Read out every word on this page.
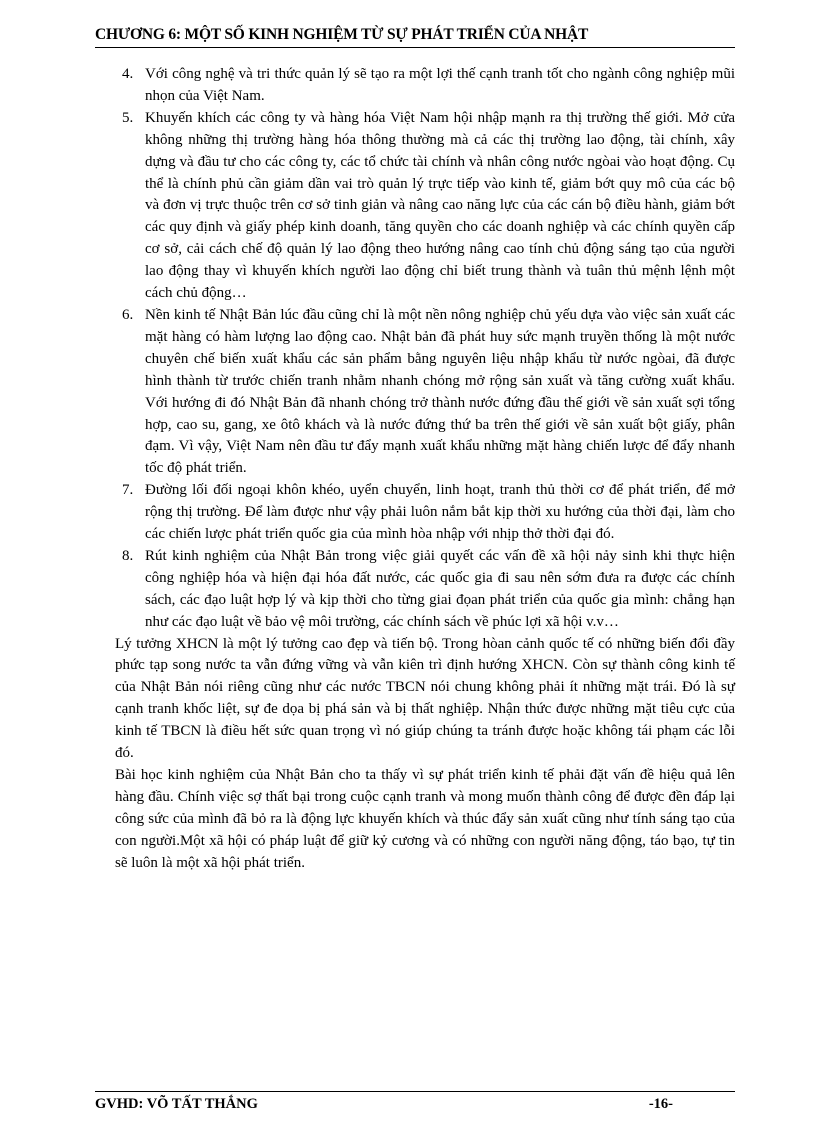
CHƯƠNG 6: MỘT SỐ KINH NGHIỆM TỪ SỰ PHÁT TRIỂN CỦA NHẬT
4. Với công nghệ và tri thức quản lý sẽ tạo ra một lợi thế cạnh tranh tốt cho ngành công nghiệp mũi nhọn của Việt Nam.
5. Khuyến khích các công ty và hàng hóa Việt Nam hội nhập mạnh ra thị trường thế giới. Mở cửa không những thị trường hàng hóa thông thường mà cả các thị trường lao động, tài chính, xây dựng và đầu tư cho các công ty, các tổ chức tài chính và nhân công nước ngòai vào hoạt động. Cụ thể là chính phủ cần giảm dần vai trò quản lý trực tiếp vào kinh tế, giảm bớt quy mô của các bộ và đơn vị trực thuộc trên cơ sở tinh giản và nâng cao năng lực của các cán bộ điều hành, giảm bớt các quy định và giấy phép kinh doanh, tăng quyền cho các doanh nghiệp và các chính quyền cấp cơ sở, cải cách chế độ quản lý lao động theo hướng nâng cao tính chủ động sáng tạo của người lao động thay vì khuyến khích người lao động chỉ biết trung thành và tuân thủ mệnh lệnh một cách chủ động…
6. Nền kinh tế Nhật Bản lúc đầu cũng chỉ là một nền nông nghiệp chủ yếu dựa vào việc sản xuất các mặt hàng có hàm lượng lao động cao. Nhật bản đã phát huy sức mạnh truyền thống là một nước chuyên chế biến xuất khẩu các sản phẩm bằng nguyên liệu nhập khẩu từ nước ngòai, đã được hình thành từ trước chiến tranh nhằm nhanh chóng mở rộng sản xuất và tăng cường xuất khẩu. Với hướng đi đó Nhật Bản đã nhanh chóng trở thành nước đứng đầu thế giới về sản xuất sợi tổng hợp, cao su, gang, xe ôtô khách và là nước đứng thứ ba trên thế giới về sản xuất bột giấy, phân đạm. Vì vậy, Việt Nam nên đầu tư đẩy mạnh xuất khẩu những mặt hàng chiến lược để đẩy nhanh tốc độ phát triển.
7. Đường lối đối ngoại khôn khéo, uyển chuyển, linh hoạt, tranh thủ thời cơ để phát triển, để mở rộng thị trường. Để làm được như vậy phải luôn nắm bắt kịp thời xu hướng của thời đại, làm cho các chiến lược phát triển quốc gia của mình hòa nhập với nhịp thở thời đại đó.
8. Rút kinh nghiệm của Nhật Bản trong việc giải quyết các vấn đề xã hội nảy sinh khi thực hiện công nghiệp hóa và hiện đại hóa đất nước, các quốc gia đi sau nên sớm đưa ra được các chính sách, các đạo luật hợp lý và kịp thời cho từng giai đọan phát triển của quốc gia mình: chẳng hạn như các đạo luật về bảo vệ môi trường, các chính sách về phúc lợi xã hội v.v…

Lý tưởng XHCN là một lý tưởng cao đẹp và tiến bộ. Trong hòan cảnh quốc tế có những biến đổi đầy phức tạp song nước ta vẫn đứng vững và vẫn kiên trì định hướng XHCN. Còn sự thành công kinh tế của Nhật Bản nói riêng cũng như các nước TBCN nói chung không phải ít những mặt trái. Đó là sự cạnh tranh khốc liệt, sự đe dọa bị phá sản và bị thất nghiệp. Nhận thức được những mặt tiêu cực của kinh tế TBCN là điều hết sức quan trọng vì nó giúp chúng ta tránh được hoặc không tái phạm các lỗi đó.

Bài học kinh nghiệm của Nhật Bản cho ta thấy vì sự phát triển kinh tế phải đặt vấn đề hiệu quả lên hàng đầu. Chính việc sợ thất bại trong cuộc cạnh tranh và mong muốn thành công để được đền đáp lại công sức của mình đã bỏ ra là động lực khuyến khích và thúc đẩy sản xuất cũng như tính sáng tạo của con người.Một xã hội có pháp luật để giữ kỷ cương và có những con người năng động, táo bạo, tự tin sẽ luôn là một xã hội phát triển.

GVHD: VÕ TẤT THẮNG	-16-
